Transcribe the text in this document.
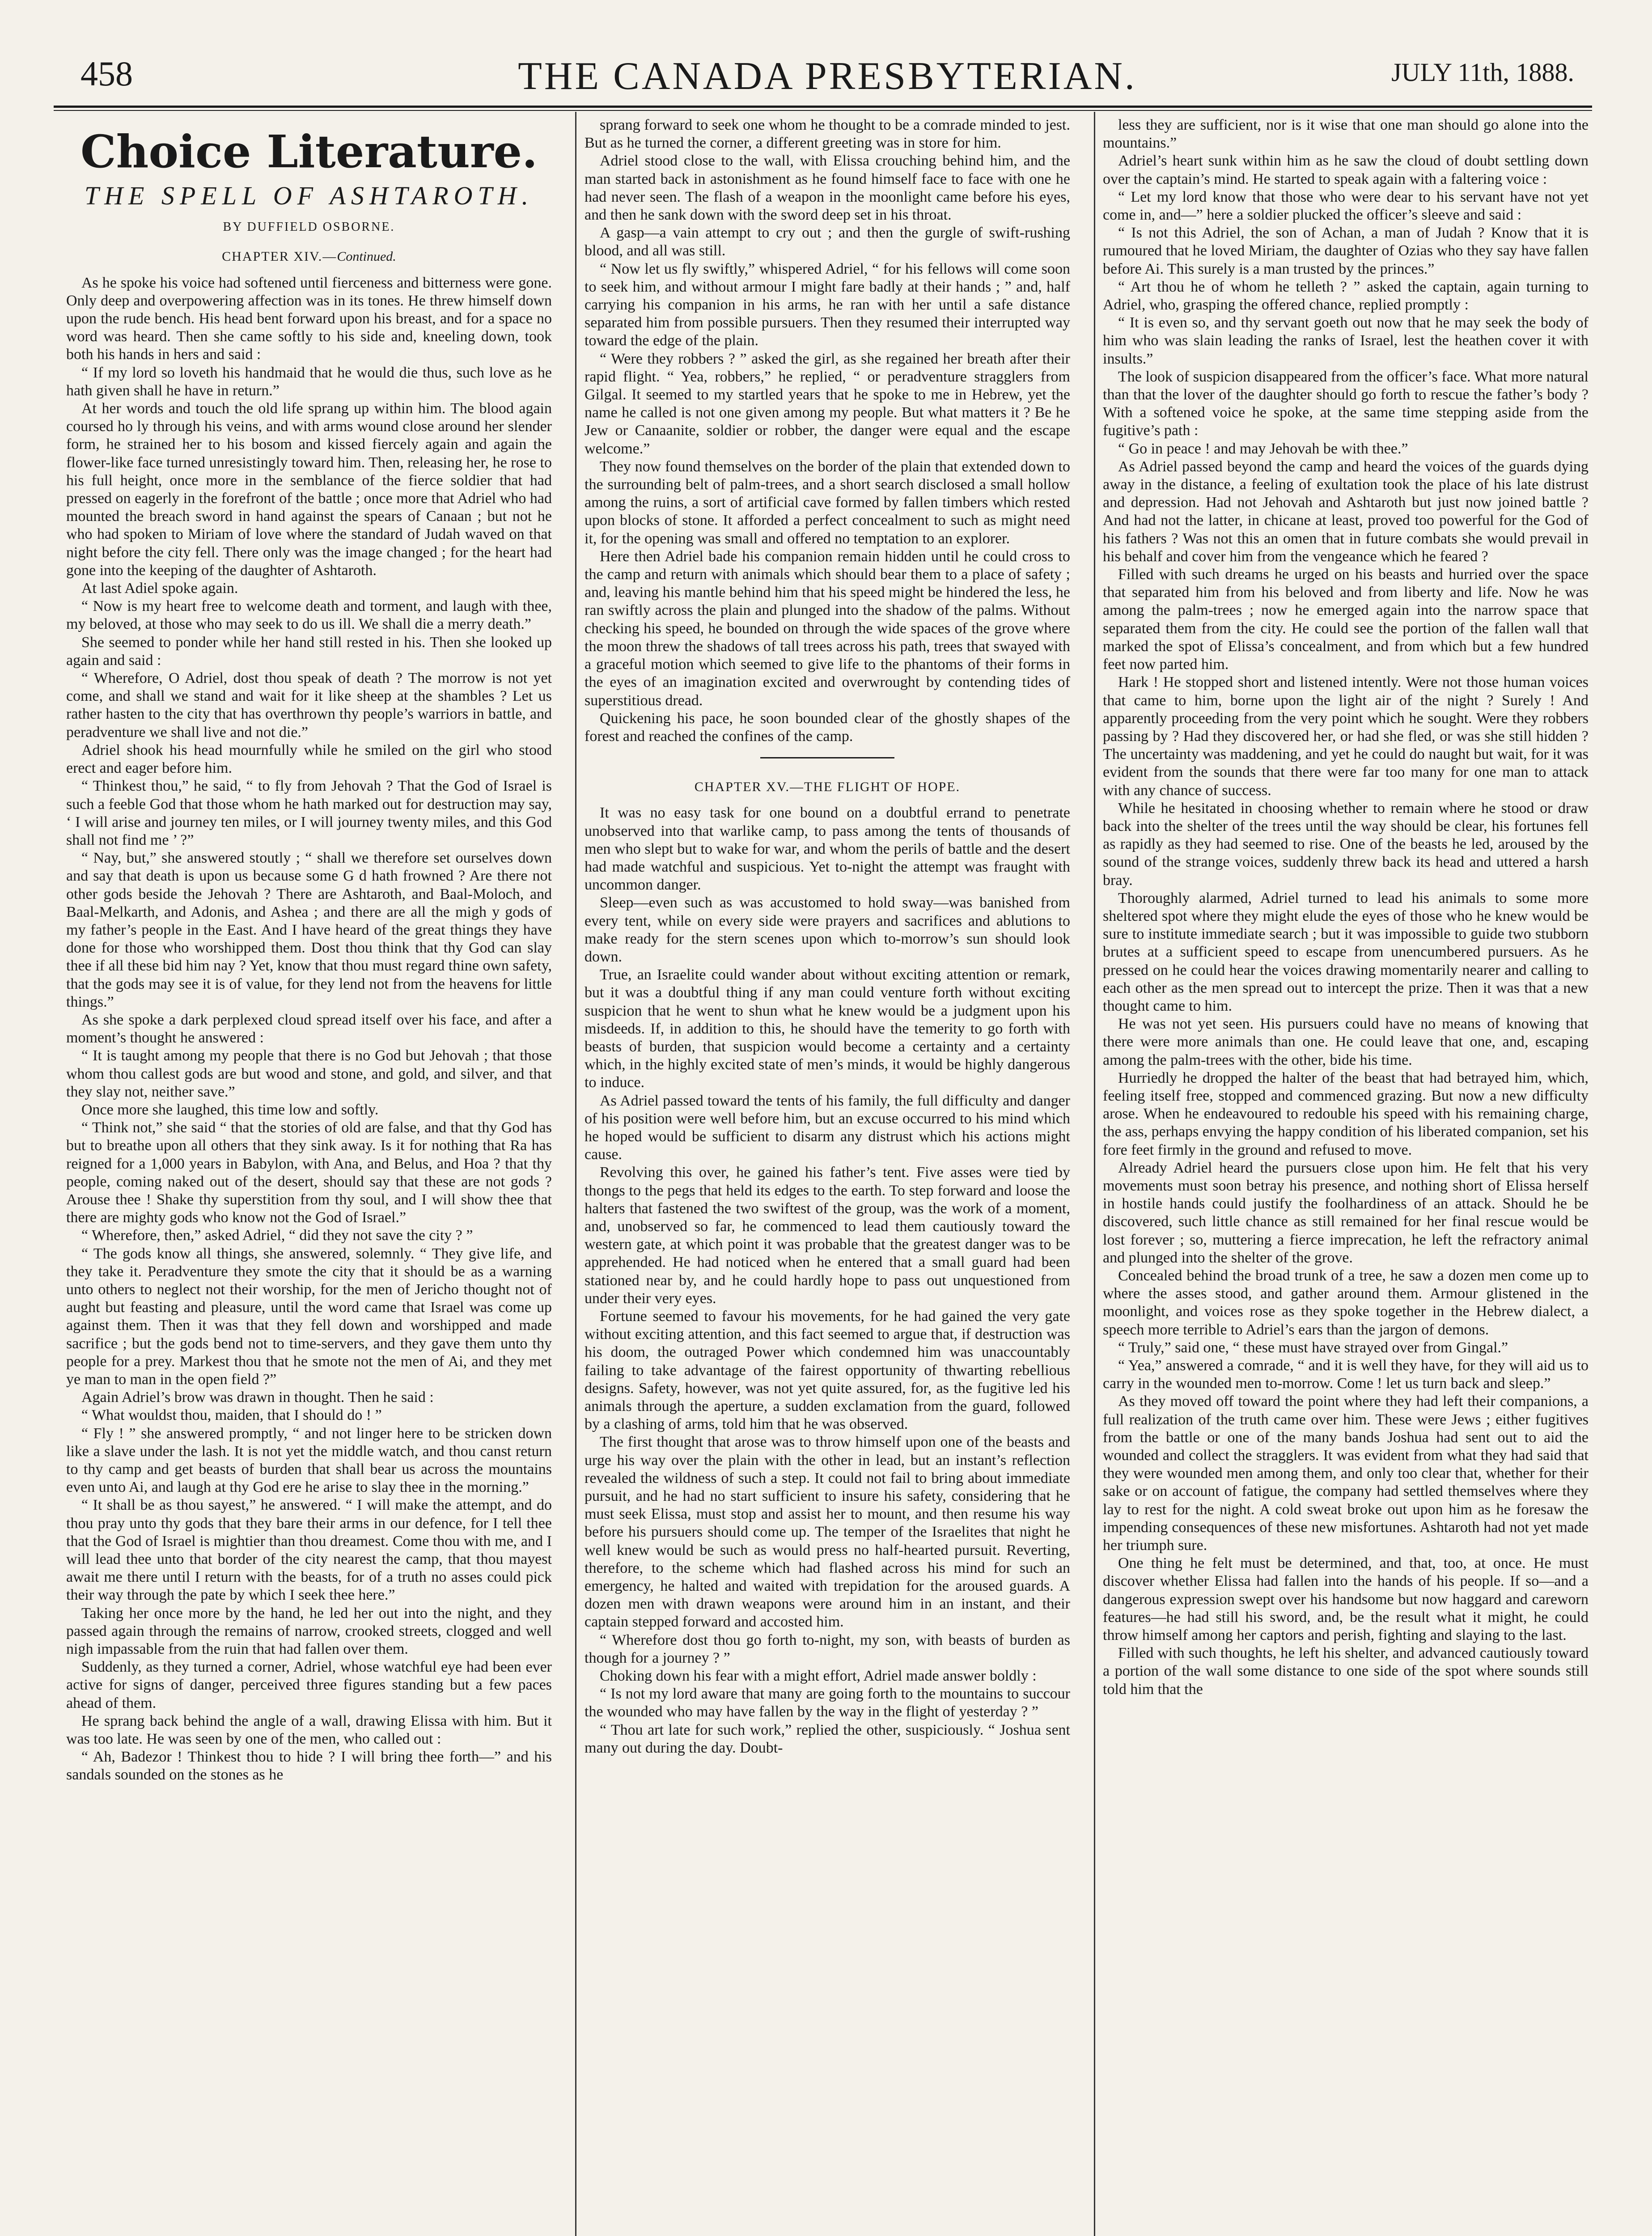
458	THE CANADA PRESBYTERIAN.	JULY 11th, 1888.
Choice Literature.
THE SPELL OF ASHTAROTH.
BY DUFFIELD OSBORNE.
CHAPTER XIV.—Continued.

As he spoke his voice had softened until fierceness and bitterness were gone. Only deep and overpowering affection was in its tones. He threw himself down upon the rude bench. His head bent forward upon his breast, and for a space no word was heard. Then she came softly to his side and, kneeling down, took both his hands in hers and said :

“ If my lord so loveth his handmaid that he would die thus, such love as he hath given shall he have in return.”

At her words and touch the old life sprang up within him. The blood again coursed ho ly through his veins, and with arms wound close around her slender form, he strained her to his bosom and kissed fiercely again and again the flower-like face turned unresistingly toward him. Then, releasing her, he rose to his full height, once more in the semblance of the fierce soldier that had pressed on eagerly in the forefront of the battle ; once more that Adriel who had mounted the breach sword in hand against the spears of Canaan ; but not he who had spoken to Miriam of love where the standard of Judah waved on that night before the city fell. There only was the image changed ; for the heart had gone into the keeping of the daughter of Ashtaroth.

At last Adiel spoke again.

“ Now is my heart free to welcome death and torment, and laugh with thee, my beloved, at those who may seek to do us ill. We shall die a merry death.”

She seemed to ponder while her hand still rested in his. Then she looked up again and said :

“ Wherefore, O Adriel, dost thou speak of death ? The morrow is not yet come, and shall we stand and wait for it like sheep at the shambles ? Let us rather hasten to the city that has overthrown thy people’s warriors in battle, and peradventure we shall live and not die.”

Adriel shook his head mournfully while he smiled on the girl who stood erect and eager before him.

“ Thinkest thou,” he said, “ to fly from Jehovah ? That the God of Israel is such a feeble God that those whom he hath marked out for destruction may say, ‘ I will arise and journey ten miles, or I will journey twenty miles, and this God shall not find me ’ ?”

“ Nay, but,” she answered stoutly ; “ shall we therefore set ourselves down and say that death is upon us because some G d hath frowned ? Are there not other gods beside the Jehovah ? There are Ashtaroth, and Baal-Moloch, and Baal-Melkarth, and Adonis, and Ashea ; and there are all the migh y gods of my father’s people in the East. And I have heard of the great things they have done for those who worshipped them. Dost thou think that thy God can slay thee if all these bid him nay ? Yet, know that thou must regard thine own safety, that the gods may see it is of value, for they lend not from the heavens for little things.”

As she spoke a dark perplexed cloud spread itself over his face, and after a moment’s thought he answered :

“ It is taught among my people that there is no God but Jehovah ; that those whom thou callest gods are but wood and stone, and gold, and silver, and that they slay not, neither save.”

Once more she laughed, this time low and softly.

“ Think not,” she said “ that the stories of old are false, and that thy God has but to breathe upon all others that they sink away. Is it for nothing that Ra has reigned for a 1,000 years in Babylon, with Ana, and Belus, and Hoa ? that thy people, coming naked out of the desert, should say that these are not gods ? Arouse thee ! Shake thy superstition from thy soul, and I will show thee that there are mighty gods who know not the God of Israel.”

“ Wherefore, then,” asked Adriel, “ did they not save the city ? ”

“ The gods know all things, she answered, solemnly. “ They give life, and they take it. Peradventure they smote the city that it should be as a warning unto others to neglect not their worship, for the men of Jericho thought not of aught but feasting and pleasure, until the word came that Israel was come up against them. Then it was that they fell down and worshipped and made sacrifice ; but the gods bend not to time-servers, and they gave them unto thy people for a prey. Markest thou that he smote not the men of Ai, and they met ye man to man in the open field ?”

Again Adriel’s brow was drawn in thought. Then he said :

“ What wouldst thou, maiden, that I should do ! ”

“ Fly ! ” she answered promptly, “ and not linger here to be stricken down like a slave under the lash. It is not yet the middle watch, and thou canst return to thy camp and get beasts of burden that shall bear us across the mountains even unto Ai, and laugh at thy God ere he arise to slay thee in the morning.”

“ It shall be as thou sayest,” he answered. “ I will make the attempt, and do thou pray unto thy gods that they bare their arms in our defence, for I tell thee that the God of Israel is mightier than thou dreamest. Come thou with me, and I will lead thee unto that border of the city nearest the camp, that thou mayest await me there until I return with the beasts, for of a truth no asses could pick their way through the pate by which I seek thee here.”

Taking her once more by the hand, he led her out into the night, and they passed again through the remains of narrow, crooked streets, clogged and well nigh impassable from the ruin that had fallen over them.

Suddenly, as they turned a corner, Adriel, whose watchful eye had been ever active for signs of danger, perceived three figures standing but a few paces ahead of them.

He sprang back behind the angle of a wall, drawing Elissa with him. But it was too late. He was seen by one of the men, who called out :

“ Ah, Badezor ! Thinkest thou to hide ? I will bring thee forth—” and his sandals sounded on the stones as he

sprang forward to seek one whom he thought to be a comrade minded to jest. But as he turned the corner, a different greeting was in store for him.

Adriel stood close to the wall, with Elissa crouching behind him, and the man started back in astonishment as he found himself face to face with one he had never seen. The flash of a weapon in the moonlight came before his eyes, and then he sank down with the sword deep set in his throat.

A gasp—a vain attempt to cry out ; and then the gurgle of swift-rushing blood, and all was still.

“ Now let us fly swiftly,” whispered Adriel, “ for his fellows will come soon to seek him, and without armour I might fare badly at their hands ; ” and, half carrying his companion in his arms, he ran with her until a safe distance separated him from possible pursuers. Then they resumed their interrupted way toward the edge of the plain.

“ Were they robbers ? ” asked the girl, as she regained her breath after their rapid flight. “ Yea, robbers,” he replied, “ or peradventure stragglers from Gilgal. It seemed to my startled years that he spoke to me in Hebrew, yet the name he called is not one given among my people. But what matters it ? Be he Jew or Canaanite, soldier or robber, the danger were equal and the escape welcome.”

They now found themselves on the border of the plain that extended down to the surrounding belt of palm-trees, and a short search disclosed a small hollow among the ruins, a sort of artificial cave formed by fallen timbers which rested upon blocks of stone. It afforded a perfect concealment to such as might need it, for the opening was small and offered no temptation to an explorer.

Here then Adriel bade his companion remain hidden until he could cross to the camp and return with animals which should bear them to a place of safety ; and, leaving his mantle behind him that his speed might be hindered the less, he ran swiftly across the plain and plunged into the shadow of the palms. Without checking his speed, he bounded on through the wide spaces of the grove where the moon threw the shadows of tall trees across his path, trees that swayed with a graceful motion which seemed to give life to the phantoms of their forms in the eyes of an imagination excited and overwrought by contending tides of superstitious dread.

Quickening his pace, he soon bounded clear of the ghostly shapes of the forest and reached the confines of the camp.

CHAPTER XV.—THE FLIGHT OF HOPE.

It was no easy task for one bound on a doubtful errand to penetrate unobserved into that warlike camp, to pass among the tents of thousands of men who slept but to wake for war, and whom the perils of battle and the desert had made watchful and suspicious. Yet to-night the attempt was fraught with uncommon danger.

Sleep—even such as was accustomed to hold sway—was banished from every tent, while on every side were prayers and sacrifices and ablutions to make ready for the stern scenes upon which to-morrow’s sun should look down.

True, an Israelite could wander about without exciting attention or remark, but it was a doubtful thing if any man could venture forth without exciting suspicion that he went to shun what he knew would be a judgment upon his misdeeds. If, in addition to this, he should have the temerity to go forth with beasts of burden, that suspicion would become a certainty and a certainty which, in the highly excited state of men’s minds, it would be highly dangerous to induce.

As Adriel passed toward the tents of his family, the full difficulty and danger of his position were well before him, but an excuse occurred to his mind which he hoped would be sufficient to disarm any distrust which his actions might cause.

Revolving this over, he gained his father’s tent. Five asses were tied by thongs to the pegs that held its edges to the earth. To step forward and loose the halters that fastened the two swiftest of the group, was the work of a moment, and, unobserved so far, he commenced to lead them cautiously toward the western gate, at which point it was probable that the greatest danger was to be apprehended. He had noticed when he entered that a small guard had been stationed near by, and he could hardly hope to pass out unquestioned from under their very eyes.

Fortune seemed to favour his movements, for he had gained the very gate without exciting attention, and this fact seemed to argue that, if destruction was his doom, the outraged Power which condemned him was unaccountably failing to take advantage of the fairest opportunity of thwarting rebellious designs. Safety, however, was not yet quite assured, for, as the fugitive led his animals through the aperture, a sudden exclamation from the guard, followed by a clashing of arms, told him that he was observed.

The first thought that arose was to throw himself upon one of the beasts and urge his way over the plain with the other in lead, but an instant’s reflection revealed the wildness of such a step. It could not fail to bring about immediate pursuit, and he had no start sufficient to insure his safety, considering that he must seek Elissa, must stop and assist her to mount, and then resume his way before his pursuers should come up. The temper of the Israelites that night he well knew would be such as would press no half-hearted pursuit. Reverting, therefore, to the scheme which had flashed across his mind for such an emergency, he halted and waited with trepidation for the aroused guards. A dozen men with drawn weapons were around him in an instant, and their captain stepped forward and accosted him.

“ Wherefore dost thou go forth to-night, my son, with beasts of burden as though for a journey ? ”

Choking down his fear with a might effort, Adriel made answer boldly :

“ Is not my lord aware that many are going forth to the mountains to succour the wounded who may have fallen by the way in the flight of yesterday ? ”

“ Thou art late for such work,” replied the other, suspiciously. “ Joshua sent many out during the day. Doubt-

less they are sufficient, nor is it wise that one man should go alone into the mountains.”

Adriel’s heart sunk within him as he saw the cloud of doubt settling down over the captain’s mind. He started to speak again with a faltering voice :

“ Let my lord know that those who were dear to his servant have not yet come in, and—” here a soldier plucked the officer’s sleeve and said :

“ Is not this Adriel, the son of Achan, a man of Judah ? Know that it is rumoured that he loved Miriam, the daughter of Ozias who they say have fallen before Ai. This surely is a man trusted by the princes.”

“ Art thou he of whom he telleth ? ” asked the captain, again turning to Adriel, who, grasping the offered chance, replied promptly :

“ It is even so, and thy servant goeth out now that he may seek the body of him who was slain leading the ranks of Israel, lest the heathen cover it with insults.”

The look of suspicion disappeared from the officer’s face. What more natural than that the lover of the daughter should go forth to rescue the father’s body ? With a softened voice he spoke, at the same time stepping aside from the fugitive’s path :

“ Go in peace ! and may Jehovah be with thee.”

As Adriel passed beyond the camp and heard the voices of the guards dying away in the distance, a feeling of exultation took the place of his late distrust and depression. Had not Jehovah and Ashtaroth but just now joined battle ? And had not the latter, in chicane at least, proved too powerful for the God of his fathers ? Was not this an omen that in future combats she would prevail in his behalf and cover him from the vengeance which he feared ?

Filled with such dreams he urged on his beasts and hurried over the space that separated him from his beloved and from liberty and life. Now he was among the palm-trees ; now he emerged again into the narrow space that separated them from the city. He could see the portion of the fallen wall that marked the spot of Elissa’s concealment, and from which but a few hundred feet now parted him.

Hark ! He stopped short and listened intently. Were not those human voices that came to him, borne upon the light air of the night ? Surely ! And apparently proceeding from the very point which he sought. Were they robbers passing by ? Had they discovered her, or had she fled, or was she still hidden ? The uncertainty was maddening, and yet he could do naught but wait, for it was evident from the sounds that there were far too many for one man to attack with any chance of success.

While he hesitated in choosing whether to remain where he stood or draw back into the shelter of the trees until the way should be clear, his fortunes fell as rapidly as they had seemed to rise. One of the beasts he led, aroused by the sound of the strange voices, suddenly threw back its head and uttered a harsh bray.

Thoroughly alarmed, Adriel turned to lead his animals to some more sheltered spot where they might elude the eyes of those who he knew would be sure to institute immediate search ; but it was impossible to guide two stubborn brutes at a sufficient speed to escape from unencumbered pursuers. As he pressed on he could hear the voices drawing momentarily nearer and calling to each other as the men spread out to intercept the prize. Then it was that a new thought came to him.

He was not yet seen. His pursuers could have no means of knowing that there were more animals than one. He could leave that one, and, escaping among the palm-trees with the other, bide his time.

Hurriedly he dropped the halter of the beast that had betrayed him, which, feeling itself free, stopped and commenced grazing. But now a new difficulty arose. When he endeavoured to redouble his speed with his remaining charge, the ass, perhaps envying the happy condition of his liberated companion, set his fore feet firmly in the ground and refused to move.

Already Adriel heard the pursuers close upon him. He felt that his very movements must soon betray his presence, and nothing short of Elissa herself in hostile hands could justify the foolhardiness of an attack. Should he be discovered, such little chance as still remained for her final rescue would be lost forever ; so, muttering a fierce imprecation, he left the refractory animal and plunged into the shelter of the grove.

Concealed behind the broad trunk of a tree, he saw a dozen men come up to where the asses stood, and gather around them. Armour glistened in the moonlight, and voices rose as they spoke together in the Hebrew dialect, a speech more terrible to Adriel’s ears than the jargon of demons.

“ Truly,” said one, “ these must have strayed over from Gingal.”

“ Yea,” answered a comrade, “ and it is well they have, for they will aid us to carry in the wounded men to-morrow. Come ! let us turn back and sleep.”

As they moved off toward the point where they had left their companions, a full realization of the truth came over him. These were Jews ; either fugitives from the battle or one of the many bands Joshua had sent out to aid the wounded and collect the stragglers. It was evident from what they had said that they were wounded men among them, and only too clear that, whether for their sake or on account of fatigue, the company had settled themselves where they lay to rest for the night. A cold sweat broke out upon him as he foresaw the impending consequences of these new misfortunes. Ashtaroth had not yet made her triumph sure.

One thing he felt must be determined, and that, too, at once. He must discover whether Elissa had fallen into the hands of his people. If so—and a dangerous expression swept over his handsome but now haggard and careworn features—he had still his sword, and, be the result what it might, he could throw himself among her captors and perish, fighting and slaying to the last.

Filled with such thoughts, he left his shelter, and advanced cautiously toward a portion of the wall some distance to one side of the spot where sounds still told him that the
